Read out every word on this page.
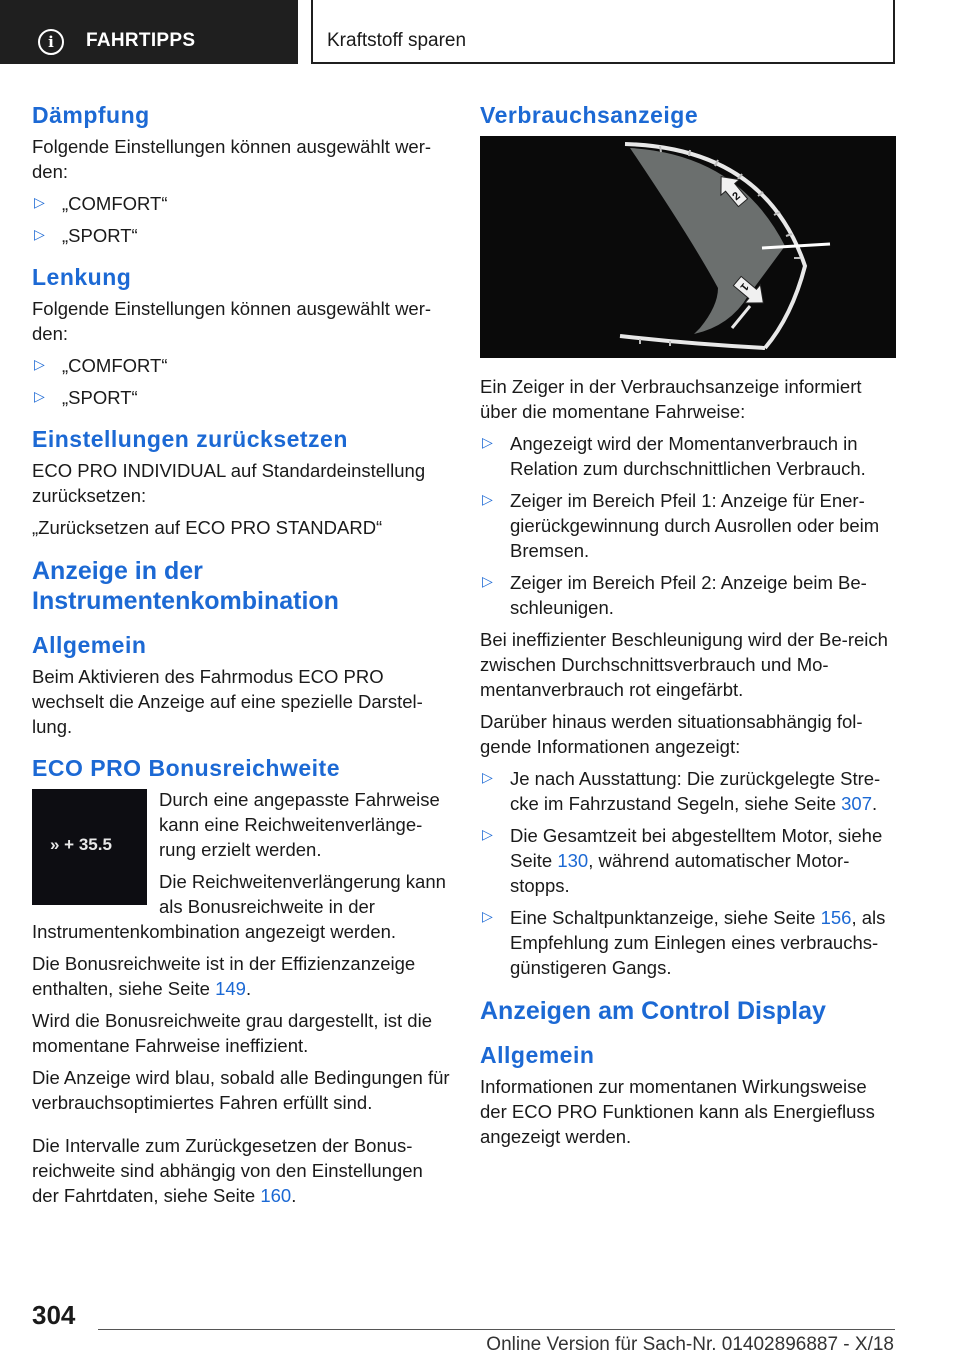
i	FAHRTIPPS	Kraftstoff sparen
Dämpfung

Folgende Einstellungen können ausgewählt wer-den:

▷ „COMFORT“
▷ „SPORT“
Lenkung

Folgende Einstellungen können ausgewählt wer-den:

▷ „COMFORT“
▷ „SPORT“
Einstellungen zurücksetzen

ECO PRO INDIVIDUAL auf Standardeinstellung zurücksetzen:

„Zurücksetzen auf ECO PRO STANDARD“

Anzeige in der Instrumentenkombination
Allgemein

Beim Aktivieren des Fahrmodus ECO PRO wechselt die Anzeige auf eine spezielle Darstel-lung.

ECO PRO Bonusreichweite
» + 35.5

Durch eine angepasste Fahrweise kann eine Reichweitenverlänge-rung erzielt werden.

Die Reichweitenverlängerung kann als Bonusreichweite in der Instrumentenkombination angezeigt werden.

Die Bonusreichweite ist in der Effizienzanzeige enthalten, siehe Seite 149.

Wird die Bonusreichweite grau dargestellt, ist die momentane Fahrweise ineffizient.

Die Anzeige wird blau, sobald alle Bedingungen für verbrauchsoptimiertes Fahren erfüllt sind.

Die Intervalle zum Zurückgesetzen der Bonus-reichweite sind abhängig von den Einstellungen der Fahrtdaten, siehe Seite 160.

Verbrauchsanzeige
2
1

Ein Zeiger in der Verbrauchsanzeige informiert über die momentane Fahrweise:

▷ Angezeigt wird der Momentanverbrauch in Relation zum durchschnittlichen Verbrauch.
▷ Zeiger im Bereich Pfeil 1: Anzeige für Ener-gierückgewinnung durch Ausrollen oder beim Bremsen.
▷ Zeiger im Bereich Pfeil 2: Anzeige beim Be-schleunigen.

Bei ineffizienter Beschleunigung wird der Be-reich zwischen Durchschnittsverbrauch und Mo-mentanverbrauch rot eingefärbt.

Darüber hinaus werden situationsabhängig fol-gende Informationen angezeigt:

▷ Je nach Ausstattung: Die zurückgelegte Stre-cke im Fahrzustand Segeln, siehe Seite 307.
▷ Die Gesamtzeit bei abgestelltem Motor, siehe Seite 130, während automatischer Motor-stopps.
▷ Eine Schaltpunktanzeige, siehe Seite 156, als Empfehlung zum Einlegen eines verbrauchs-günstigeren Gangs.
Anzeigen am Control Display
Allgemein

Informationen zur momentanen Wirkungsweise der ECO PRO Funktionen kann als Energiefluss angezeigt werden.

304
Online Version für Sach-Nr. 01402896887 - X/18
